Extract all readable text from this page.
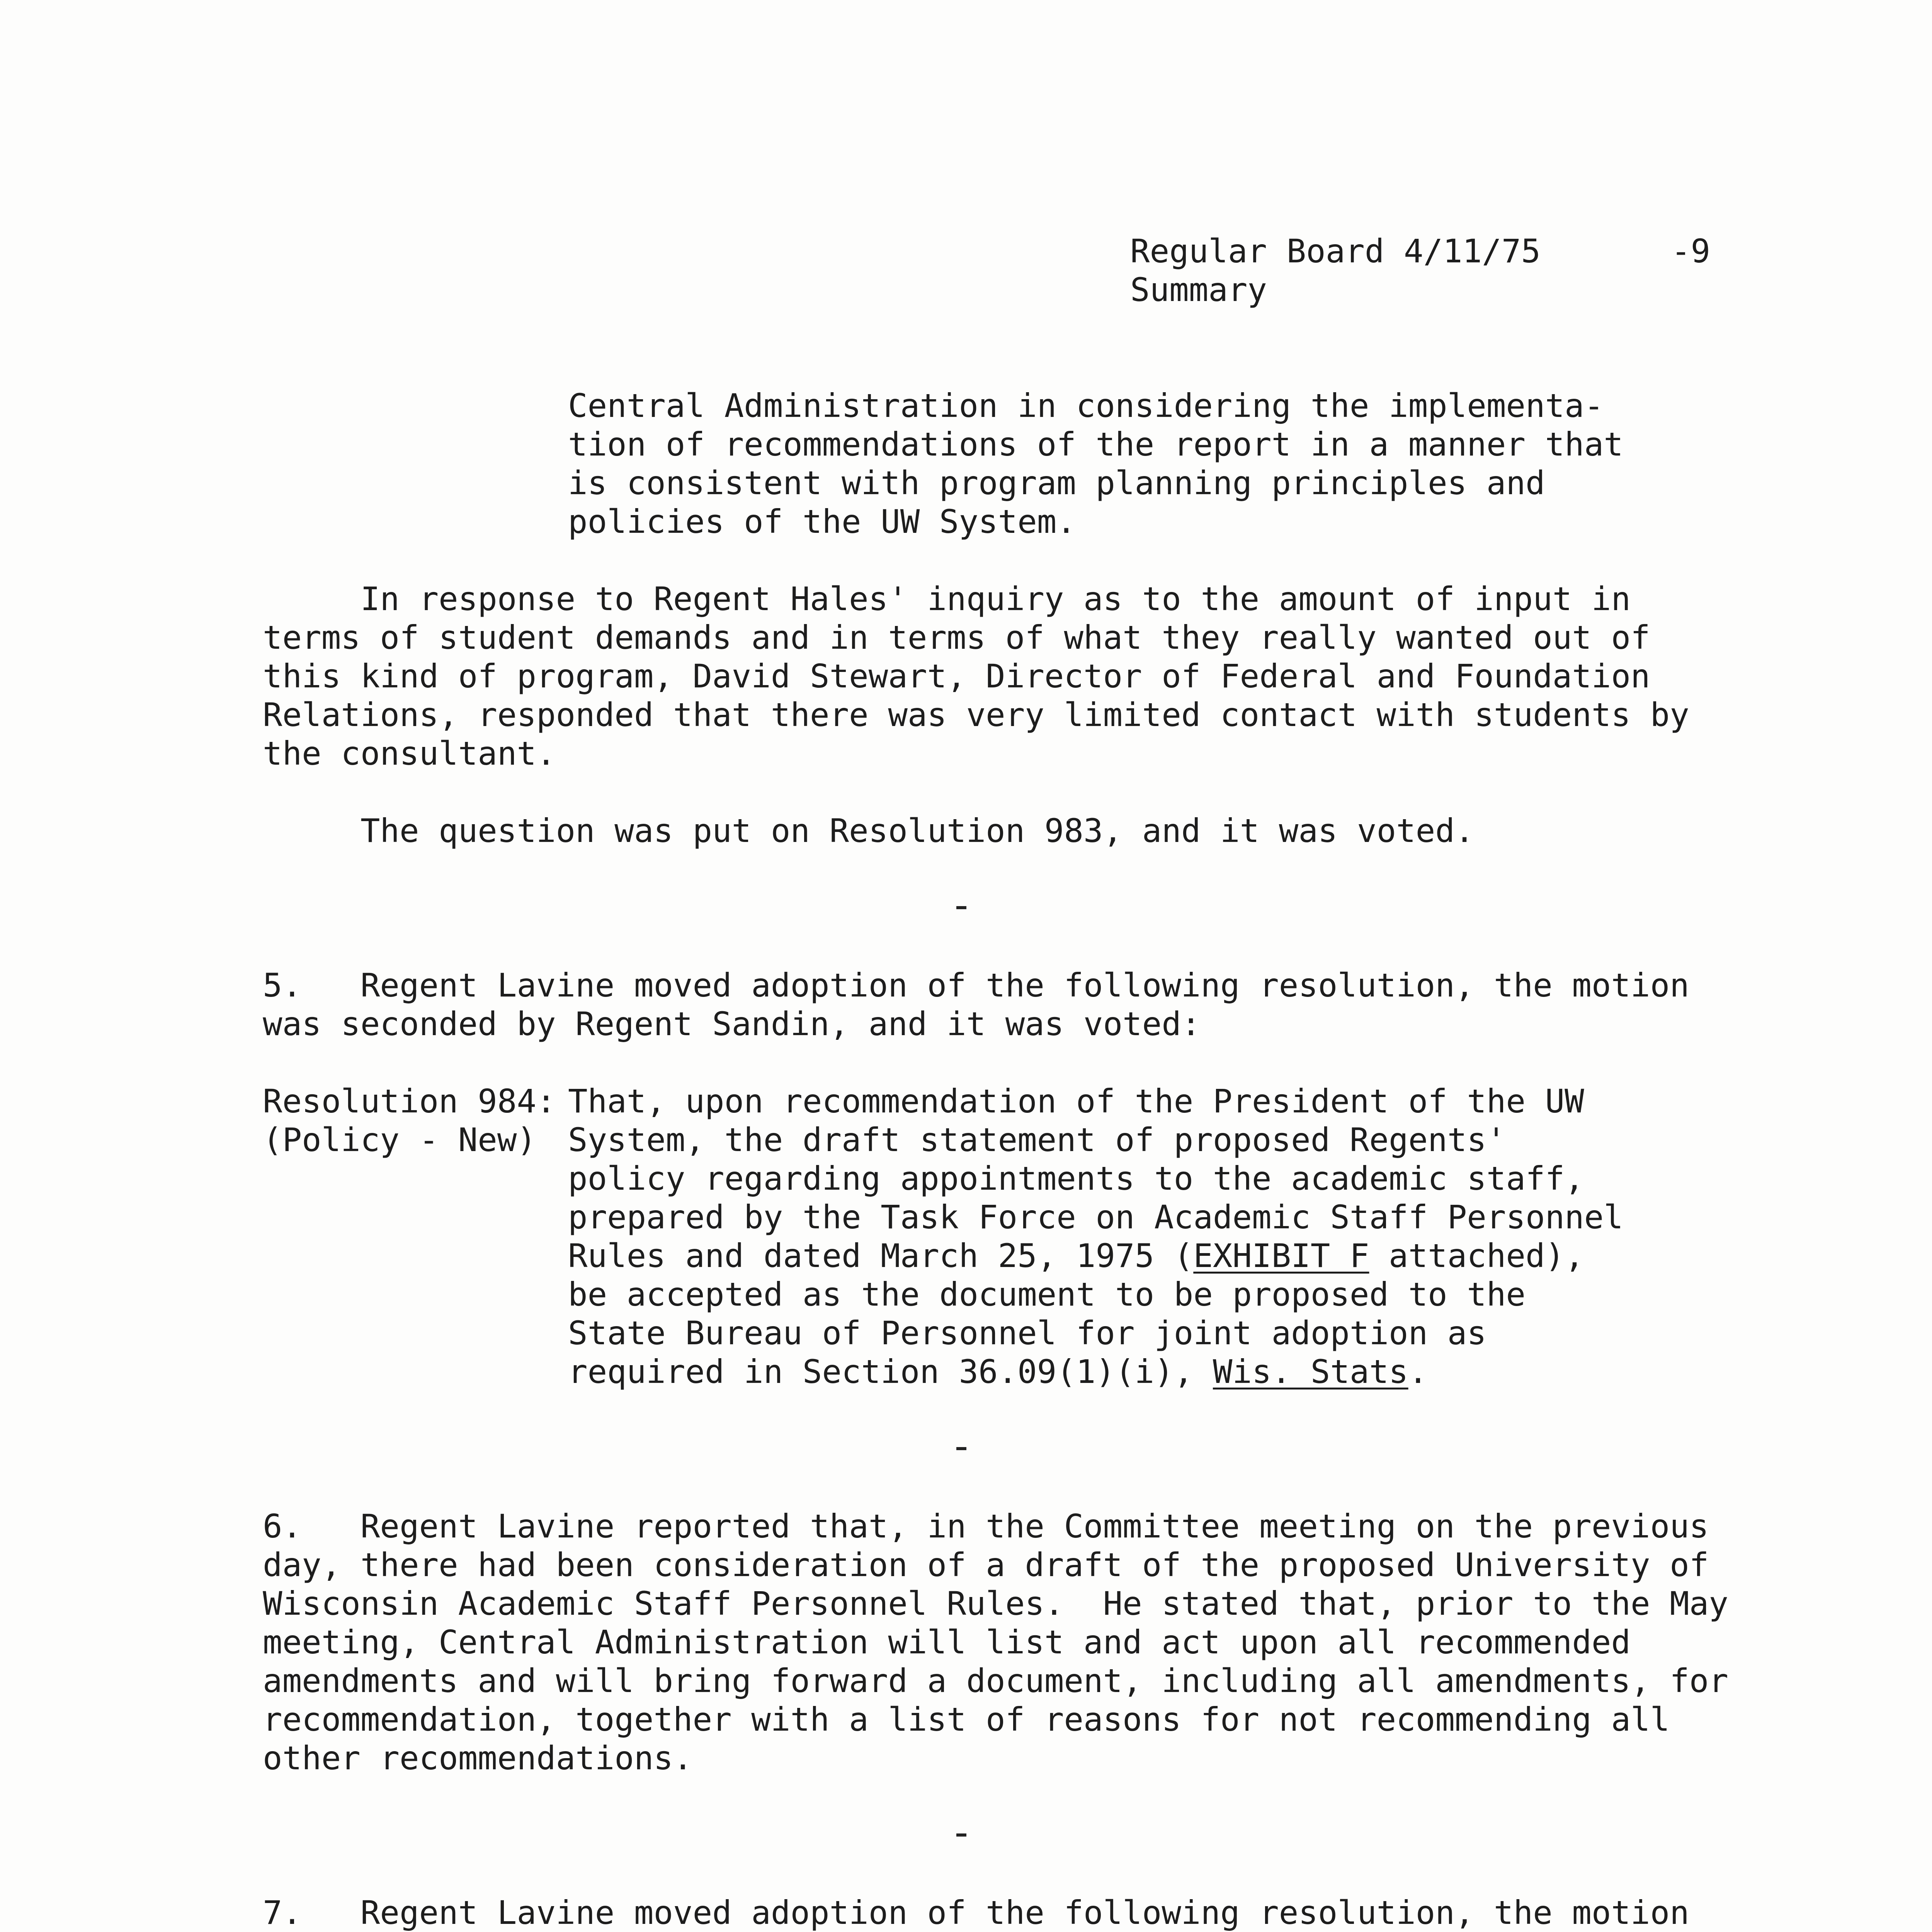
Regular Board 4/11/75	-9
Summary
Central Administration in considering the implementa-
tion of recommendations of the report in a manner that
is consistent with program planning principles and
policies of the UW System.
In response to Regent Hales' inquiry as to the amount of input in
terms of student demands and in terms of what they really wanted out of
this kind of program, David Stewart, Director of Federal and Foundation
Relations, responded that there was very limited contact with students by
the consultant.
The question was put on Resolution 983, and it was voted.
5.   Regent Lavine moved adoption of the following resolution, the motion
was seconded by Regent Sandin, and it was voted:
Resolution 984:
(Policy - New)
That, upon recommendation of the President of the UW
System, the draft statement of proposed Regents'
policy regarding appointments to the academic staff,
prepared by the Task Force on Academic Staff Personnel
Rules and dated March 25, 1975 (EXHIBIT F attached),
be accepted as the document to be proposed to the
State Bureau of Personnel for joint adoption as
required in Section 36.09(1)(i), Wis. Stats.
6.   Regent Lavine reported that, in the Committee meeting on the previous
day, there had been consideration of a draft of the proposed University of
Wisconsin Academic Staff Personnel Rules.  He stated that, prior to the May
meeting, Central Administration will list and act upon all recommended
amendments and will bring forward a document, including all amendments, for
recommendation, together with a list of reasons for not recommending all
other recommendations.
7.   Regent Lavine moved adoption of the following resolution, the motion
